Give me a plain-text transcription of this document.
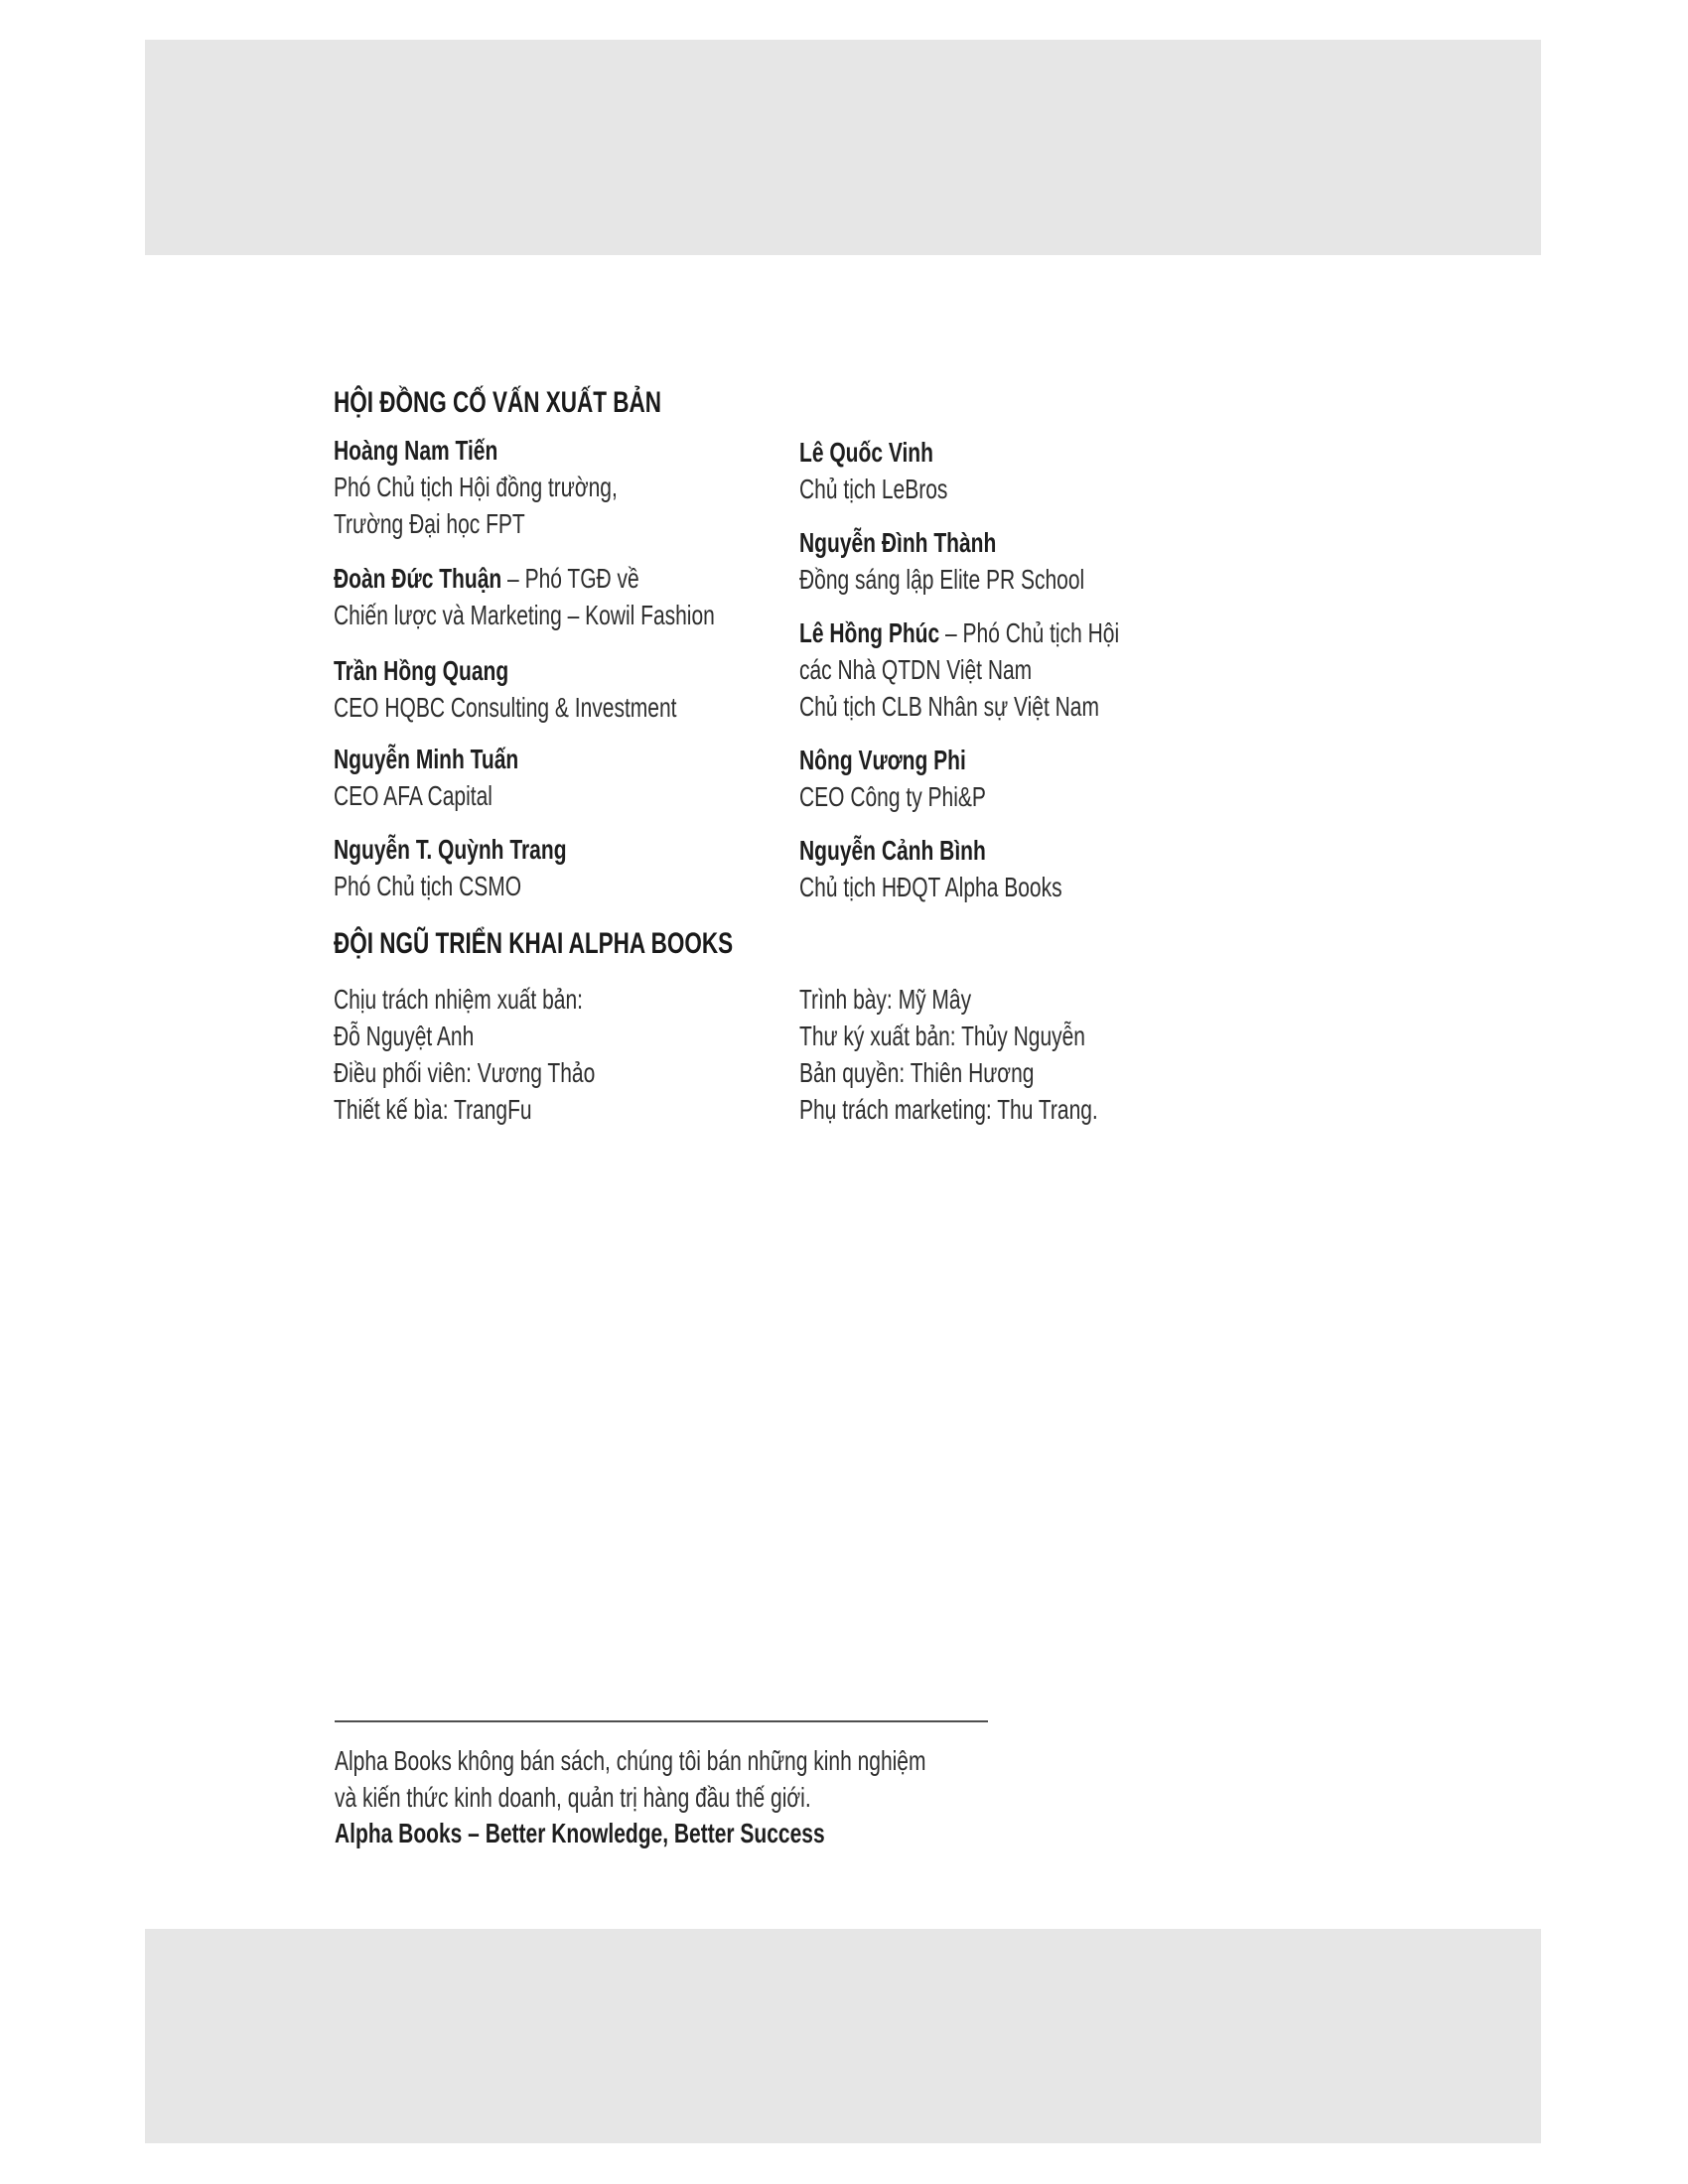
HỘI ĐỒNG CỐ VẤN XUẤT BẢN
Hoàng Nam Tiến
Phó Chủ tịch Hội đồng trường,
Trường Đại học FPT
Đoàn Đức Thuận – Phó TGĐ về
Chiến lược và Marketing – Kowil Fashion
Trần Hồng Quang
CEO HQBC Consulting & Investment
Nguyễn Minh Tuấn
CEO AFA Capital
Nguyễn T. Quỳnh Trang
Phó Chủ tịch CSMO
Lê Quốc Vinh
Chủ tịch LeBros
Nguyễn Đình Thành
Đồng sáng lập Elite PR School
Lê Hồng Phúc – Phó Chủ tịch Hội
các Nhà QTDN Việt Nam
Chủ tịch CLB Nhân sự Việt Nam
Nông Vương Phi
CEO Công ty Phi&P
Nguyễn Cảnh Bình
Chủ tịch HĐQT Alpha Books
ĐỘI NGŨ TRIỂN KHAI ALPHA BOOKS
Chịu trách nhiệm xuất bản:
Đỗ Nguyệt Anh
Điều phối viên: Vương Thảo
Thiết kế bìa: TrangFu
Trình bày: Mỹ Mây
Thư ký xuất bản: Thủy Nguyễn
Bản quyền: Thiên Hương
Phụ trách marketing: Thu Trang.
Alpha Books không bán sách, chúng tôi bán những kinh nghiệm
và kiến thức kinh doanh, quản trị hàng đầu thế giới.
Alpha Books – Better Knowledge, Better Success
